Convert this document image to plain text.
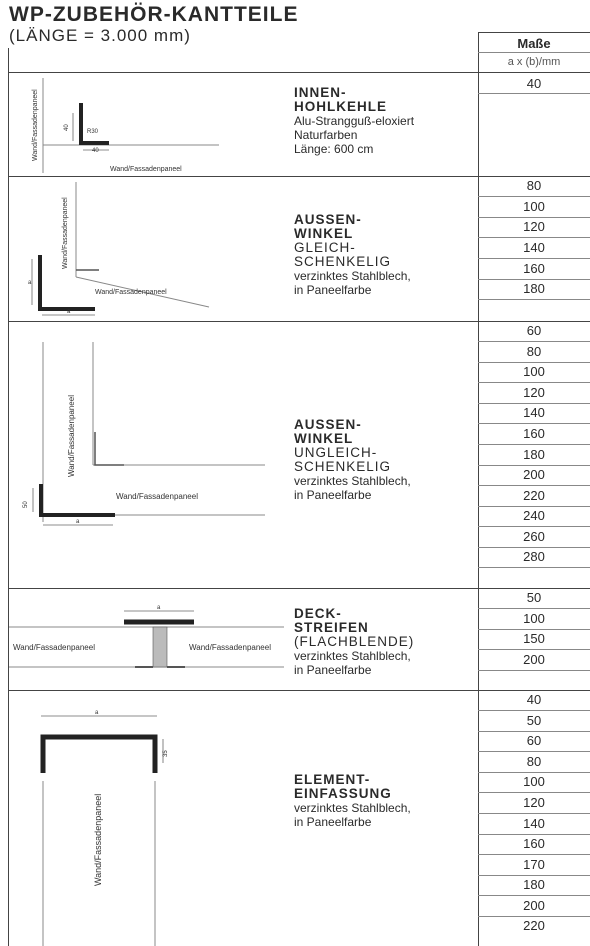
WP-ZUBEHÖR-KANTTEILE
(LÄNGE = 3.000 mm)	Maße
a x (b)/mm
40
40
R30
Wand/Fassadenpaneel
Wand/Fassadenpaneel
INNEN-
HOHLKEHLE
Alu-Strangguß-eloxiert
Naturfarben
Länge: 600 cm
40
a
a
Wand/Fassadenpaneel
Wand/Fassadenpaneel
AUSSEN-
WINKEL
GLEICH-
SCHENKELIG
verzinktes Stahlblech,
in Paneelfarbe
80
100
120
140
160
180
50
a
Wand/Fassadenpaneel
Wand/Fassadenpaneel
AUSSEN-
WINKEL
UNGLEICH-
SCHENKELIG
verzinktes Stahlblech,
in Paneelfarbe
60
80
100
120
140
160
180
200
220
240
260
280
a
Wand/Fassadenpaneel	Wand/Fassadenpaneel
DECK-
STREIFEN
(FLACHBLENDE)
verzinktes Stahlblech,
in Paneelfarbe
50
100
150
200
a
35
Wand/Fassadenpaneel
ELEMENT-
EINFASSUNG
verzinktes Stahlblech,
in Paneelfarbe
40
50
60
80
100
120
140
160
170
180
200
220
